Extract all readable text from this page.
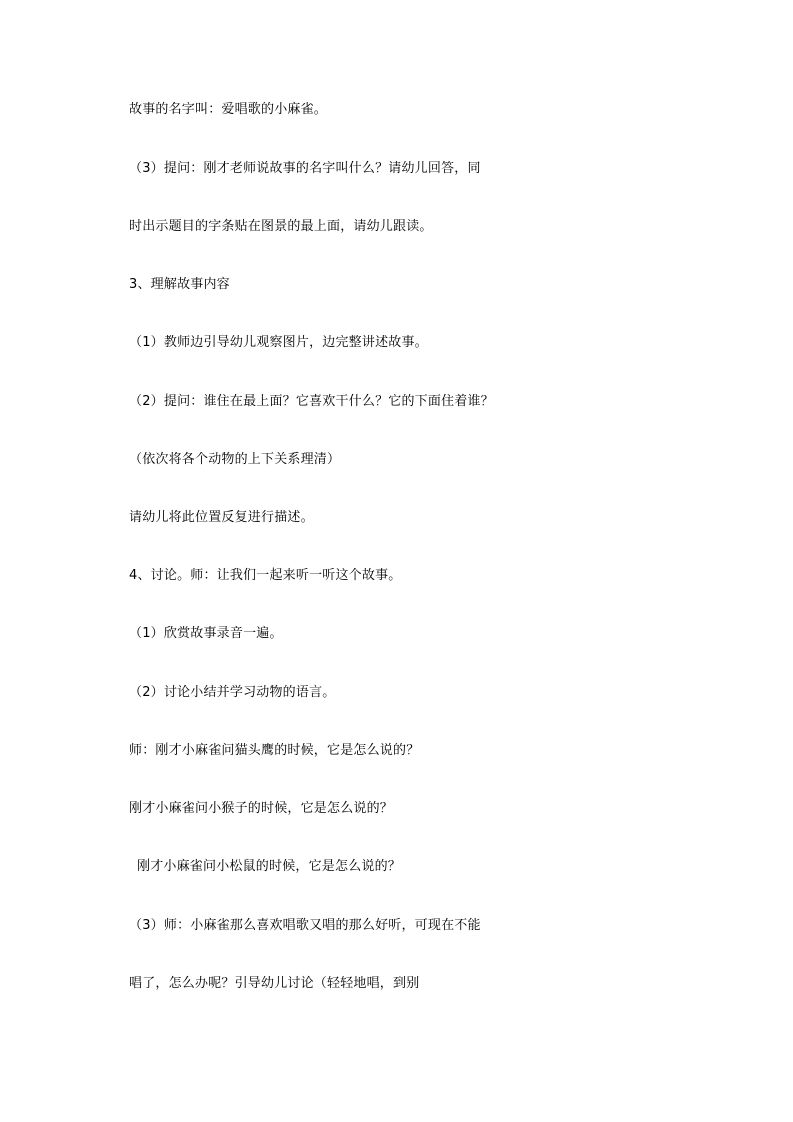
故事的名字叫：爱唱歌的小麻雀。
（3）提问：刚才老师说故事的名字叫什么？请幼儿回答，同
时出示题目的字条贴在图景的最上面，请幼儿跟读。
3、理解故事内容
（1）教师边引导幼儿观察图片，边完整讲述故事。
（2）提问：谁住在最上面？它喜欢干什么？它的下面住着谁？
（依次将各个动物的上下关系理清）
请幼儿将此位置反复进行描述。
4、讨论。师：让我们一起来听一听这个故事。
（1）欣赏故事录音一遍。
（2）讨论小结并学习动物的语言。
师：刚才小麻雀问猫头鹰的时候，它是怎么说的？
刚才小麻雀问小猴子的时候，它是怎么说的？
刚才小麻雀问小松鼠的时候，它是怎么说的？
（3）师：小麻雀那么喜欢唱歌又唱的那么好听，可现在不能
唱了，怎么办呢？引导幼儿讨论（轻轻地唱，到别
